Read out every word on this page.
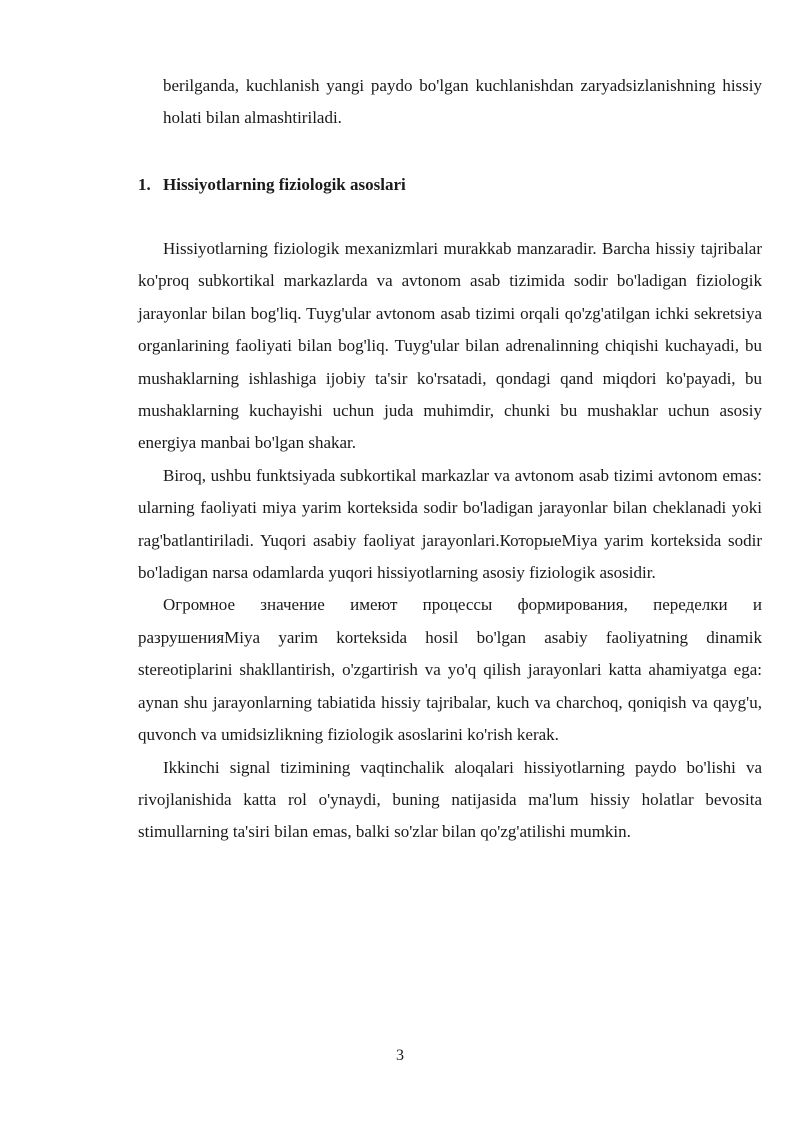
berilganda, kuchlanish yangi paydo bo'lgan kuchlanishdan zaryadsizlanishning hissiy holati bilan almashtiriladi.

1. Hissiyotlarning fiziologik asoslari

Hissiyotlarning fiziologik mexanizmlari murakkab manzaradir. Barcha hissiy tajribalar ko'proq subkortikal markazlarda va avtonom asab tizimida sodir bo'ladigan fiziologik jarayonlar bilan bog'liq. Tuyg'ular avtonom asab tizimi orqali qo'zg'atilgan ichki sekretsiya organlarining faoliyati bilan bog'liq. Tuyg'ular bilan adrenalinning chiqishi kuchayadi, bu mushaklarning ishlashiga ijobiy ta'sir ko'rsatadi, qondagi qand miqdori ko'payadi, bu mushaklarning kuchayishi uchun juda muhimdir, chunki bu mushaklar uchun asosiy energiya manbai bo'lgan shakar.

Biroq, ushbu funktsiyada subkortikal markazlar va avtonom asab tizimi avtonom emas: ularning faoliyati miya yarim korteksida sodir bo'ladigan jarayonlar bilan cheklanadi yoki rag'batlantiriladi. Yuqori asabiy faoliyat jarayonlari.КоторыеMiya yarim korteksida sodir bo'ladigan narsa odamlarda yuqori hissiyotlarning asosiy fiziologik asosidir.

Огромное значение имеют процессы формирования, переделки и разрушенияMiya yarim korteksida hosil bo'lgan asabiy faoliyatning dinamik stereotiplarini shakllantirish, o'zgartirish va yo'q qilish jarayonlari katta ahamiyatga ega: aynan shu jarayonlarning tabiatida hissiy tajribalar, kuch va charchoq, qoniqish va qayg'u, quvonch va umidsizlikning fiziologik asoslarini ko'rish kerak.

Ikkinchi signal tizimining vaqtinchalik aloqalari hissiyotlarning paydo bo'lishi va rivojlanishida katta rol o'ynaydi, buning natijasida ma'lum hissiy holatlar bevosita stimullarning ta'siri bilan emas, balki so'zlar bilan qo'zg'atilishi mumkin.

3
